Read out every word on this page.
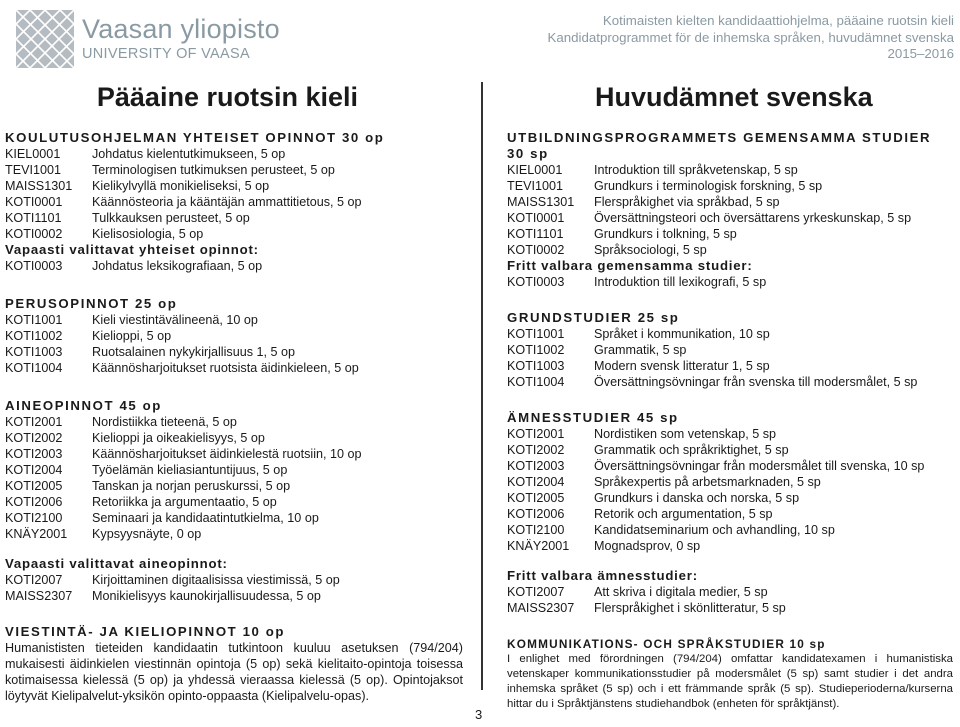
Vaasan yliopisto
UNIVERSITY OF VAASA
Kotimaisten kielten kandidaattiohjelma, pääaine ruotsin kieli
Kandidatprogrammet för de inhemska språken, huvudämnet svenska
2015–2016
Pääaine ruotsin kieli

KOULUTUSOHJELMAN YHTEISET OPINNOT 30 op

KIEL0001	Johdatus kielentutkimukseen, 5 op
TEVI1001	Terminologisen tutkimuksen perusteet, 5 op
MAISS1301	Kielikylvyllä monikieliseksi, 5 op
KOTI0001	Käännösteoria ja kääntäjän ammattitietous, 5 op
KOTI1101	Tulkkauksen perusteet, 5 op
KOTI0002	Kielisosiologia, 5 op

Vapaasti valittavat yhteiset opinnot:

KOTI0003	Johdatus leksikografiaan, 5 op

PERUSOPINNOT 25 op

KOTI1001	Kieli viestintävälineenä, 10 op
KOTI1002	Kielioppi, 5 op
KOTI1003	Ruotsalainen nykykirjallisuus 1, 5 op
KOTI1004	Käännösharjoitukset ruotsista äidinkieleen, 5 op

AINEOPINNOT 45 op

KOTI2001	Nordistiikka tieteenä, 5 op
KOTI2002	Kielioppi ja oikeakielisyys, 5 op
KOTI2003	Käännösharjoitukset äidinkielestä ruotsiin, 10 op
KOTI2004	Työelämän kieliasiantuntijuus, 5 op
KOTI2005	Tanskan ja norjan peruskurssi, 5 op
KOTI2006	Retoriikka ja argumentaatio, 5 op
KOTI2100	Seminaari ja kandidaatintutkielma, 10 op
KNÄY2001	Kypsyysnäyte, 0 op

Vapaasti valittavat aineopinnot:

KOTI2007	Kirjoittaminen digitaalisissa viestimissä, 5 op
MAISS2307	Monikielisyys kaunokirjallisuudessa, 5 op

VIESTINTÄ- JA KIELIOPINNOT 10 op

Humanististen tieteiden kandidaatin tutkintoon kuuluu asetuksen (794/204) mukaisesti äidinkielen viestinnän opintoja (5 op) sekä kielitaito-opintoja toisessa kotimaisessa kielessä (5 op) ja yhdessä vieraassa kielessä (5 op). Opintojaksot löytyvät Kielipalvelut-yksikön opinto-oppaasta (Kielipalvelu-opas).

Huvudämnet svenska

UTBILDNINGSPROGRAMMETS GEMENSAMMA STUDIER 30 sp

KIEL0001	Introduktion till språkvetenskap, 5 sp
TEVI1001	Grundkurs i terminologisk forskning, 5 sp
MAISS1301	Flerspråkighet via språkbad, 5 sp
KOTI0001	Översättningsteori och översättarens yrkeskunskap, 5 sp
KOTI1101	Grundkurs i tolkning, 5 sp
KOTI0002	Språksociologi, 5 sp

Fritt valbara gemensamma studier:

KOTI0003	Introduktion till lexikografi, 5 sp

GRUNDSTUDIER 25 sp

KOTI1001	Språket i kommunikation, 10 sp
KOTI1002	Grammatik, 5 sp
KOTI1003	Modern svensk litteratur 1, 5 sp
KOTI1004	Översättningsövningar från svenska till modersmålet, 5 sp

ÄMNESSTUDIER 45 sp

KOTI2001	Nordistiken som vetenskap, 5 sp
KOTI2002	Grammatik och språkriktighet, 5 sp
KOTI2003	Översättningsövningar från modersmålet till svenska, 10 sp
KOTI2004	Språkexpertis på arbetsmarknaden, 5 sp
KOTI2005	Grundkurs i danska och norska, 5 sp
KOTI2006	Retorik och argumentation, 5 sp
KOTI2100	Kandidatseminarium och avhandling, 10 sp
KNÄY2001	Mognadsprov, 0 sp

Fritt valbara ämnesstudier:

KOTI2007	Att skriva i digitala medier, 5 sp
MAISS2307	Flerspråkighet i skönlitteratur, 5 sp

KOMMUNIKATIONS- OCH SPRÅKSTUDIER 10 sp

I enlighet med förordningen (794/204) omfattar kandidatexamen i humanistiska vetenskaper kommunikationsstudier på modersmålet (5 sp) samt studier i det andra inhemska språket (5 sp) och i ett främmande språk (5 sp). Studieperioderna/kurserna hittar du i Språktjänstens studiehandbok (enheten för språktjänst).

3
